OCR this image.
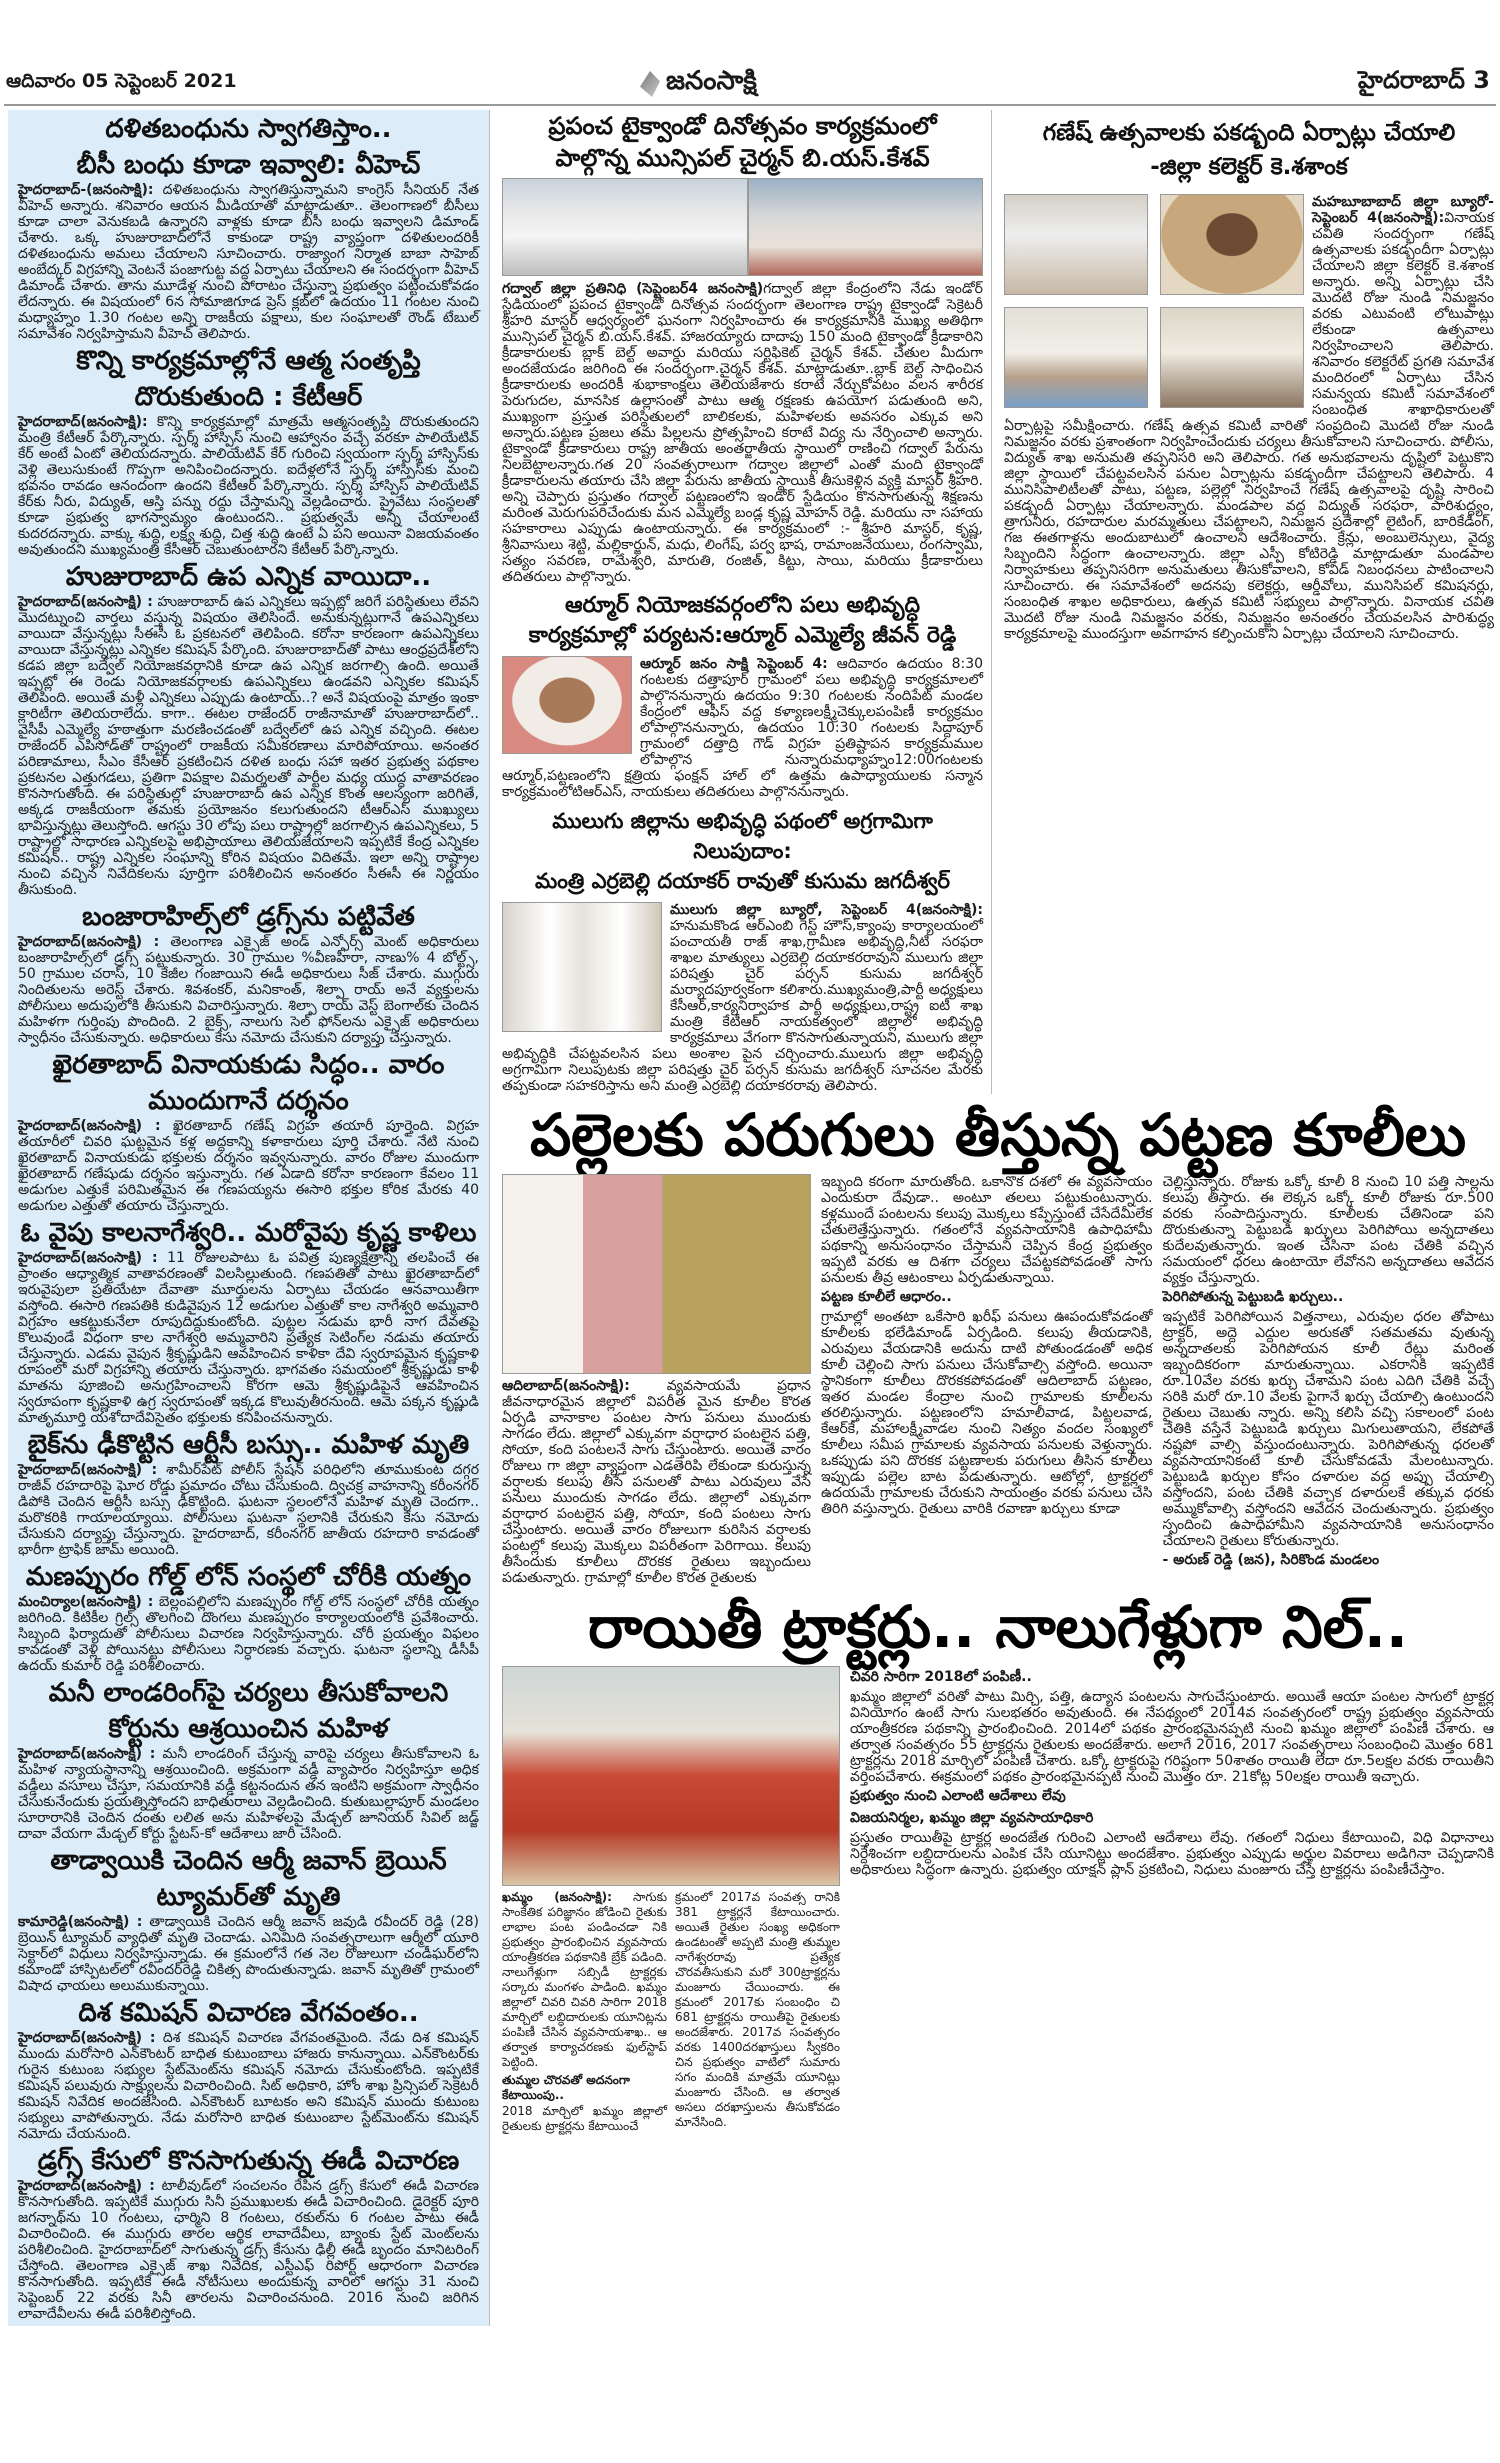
ఆదివారం 05 సెప్టెంబర్ 2021	జనంసాక్షి	హైదరాబాద్ 3

దళితబంధును స్వాగతిస్తాం..

బీసీ బంధు కూడా ఇవ్వాలి: వీహెచ్

హైదరాబాద్-(జనంసాక్షి): దళితబంధును స్వాగతిస్తున్నామని కాంగ్రెస్ సీనియర్ నేత వీహెచ్ అన్నారు. శనివారం ఆయన మీడియాతో మాట్లాడుతూ.. తెలంగాణలో బీసీలు కూడా చాలా వెనుకబడి ఉన్నారని వాళ్లకు కూడా బీసీ బంధు ఇవ్వాలని డిమాండ్ చేశారు. ఒక్క హుజురాబాద్‌లోనే కాకుండా రాష్ట్ర వ్యాప్తంగా దళితులందరికీ దళితబంధును అమలు చేయాలని సూచించారు. రాజ్యాంగ నిర్మాత బాబా సాహెబ్ అంబేద్కర్ విగ్రహాన్ని వెంటనే పంజాగుట్ట వద్ద ఏర్పాటు చేయాలని ఈ సందర్భంగా వీహెచ్ డిమాండ్ చేశారు. తాను మూడేళ్ల నుంచి పోరాటం చేస్తున్నా ప్రభుత్వం పట్టించుకోవడం లేదన్నారు. ఈ విషయంలో 6న సోమాజిగూడ ప్రెస్ క్లబ్‌లో ఉదయం 11 గంటల నుంచి మధ్యాహ్నం 1.30 గంటల అన్ని రాజకీయ పక్షాలు, కుల సంఘాలతో రౌండ్ టేబుల్ సమావేశం నిర్వహిస్తామని వీహెచ్ తెలిపారు.

కొన్ని కార్యక్రమాల్లోనే ఆత్మ సంతృప్తి

దొరుకుతుంది : కేటీఆర్

హైదరాబాద్(జనంసాక్షి): కొన్ని కార్యక్రమాల్లో మాత్రమే ఆత్మసంతృప్తి దొరుకుతుందని మంత్రి కేటీఆర్ పేర్కొన్నారు. స్పర్శ్ హాస్పిస్ నుంచి ఆహ్వానం వచ్చే వరకూ పాలియేటివ్ కేర్ అంటే ఏంటో తెలియదన్నారు. పాలియేటివ్ కేర్ గురించి స్వయంగా స్పర్శ్ హాస్పిస్‌కు వెళ్లి తెలుసుకుంటే గొప్పగా అనిపించిందన్నారు. ఐదేళ్లలోనే స్పర్శ్ హాస్పిస్‌కు మంచి భవనం రావడం ఆనందంగా ఉందని కేటీఆర్ పేర్కొన్నారు. స్పర్శ్ హాస్పిస్ పాలియేటివ్ కేర్‌కు నీరు, విద్యుత్, ఆస్తి పన్ను రద్దు చేస్తామన్ని వెల్లడించారు. ప్రైవేటు సంస్థలతో కూడా ప్రభుత్వ భాగస్వామ్యం ఉంటుందని.. ప్రభుత్వమే అన్నీ చేయాలంటే కుదరదన్నారు. వాక్కు శుద్ధి, లక్ష్య శుద్ధి, చిత్త శుద్ధి ఉంటే ఏ పని అయినా విజయవంతం అవుతుందని ముఖ్యమంత్రి కేసీఆర్ చెబుతుంటారని కేటీఆర్ పేర్కొన్నారు.

హుజురాబాద్ ఉప ఎన్నిక వాయిదా..

హైదరాబాద్(జనంసాక్షి) : హుజురాబాద్ ఉప ఎన్నికలు ఇప్పట్లో జరిగే పరిస్థితులు లేవని మొదట్నుంచి వార్తలు వస్తున్న విషయం తెలిసిందే. అనుకున్నట్లుగానే ఉపఎన్నికలు వాయిదా వేస్తున్నట్లు సీఈసీ ఓ ప్రకటనలో తెలిపింది. కరోనా కారణంగా ఉపఎన్నికలు వాయిదా వేస్తున్నట్లు ఎన్నికల కమిషన్ పేర్కొంది. హుజురాబాద్‌తో పాటు ఆంధ్రప్రదేశ్‌లోని కడప జిల్లా బద్వేల్ నియోజకవర్గానికి కూడా ఉప ఎన్నిక జరగాల్సి ఉంది. అయితే ఇప్పట్లో ఈ రెండు నియోజకవర్గాలకు ఉపఎన్నికలు ఉండవని ఎన్నికల కమిషన్ తెలిపింది. అయితే మళ్లీ ఎన్నికలు ఎప్పుడు ఉంటాయ్..? అనే విషయంపై మాత్రం ఇంకా క్లారిటీగా తెలియరాలేదు. కాగా.. ఈటల రాజేందర్ రాజీనామాతో హుజురాబాద్‌లో.. వైసీపీ ఎమ్మెల్యే హఠాత్తుగా మరణించడంతో బద్వేల్‌లో ఉప ఎన్నిక వచ్చింది. ఈటల రాజేందర్ ఎపిసోడ్‌తో రాష్ట్రంలో రాజకీయ సమీకరణాలు మారిపోయాయి. అనంతర పరిణామాలు, సీఎం కేసీఆర్ ప్రకటించిన దళిత బంధు సహా ఇతర ప్రభుత్వ పథకాల ప్రకటనల ఎత్తుగడలు, ప్రతిగా విపక్షాల విమర్శలతో పార్టీల మధ్య యుద్ధ వాతావరణం కొనసాగుతోంది. ఈ పరిస్థితుల్లో హుజురాబాద్ ఉప ఎన్నిక కొంత ఆలస్యంగా జరిగితే, అక్కడ రాజకీయంగా తమకు ప్రయోజనం కలుగుతుందని టీఆర్ఎస్ ముఖ్యులు భావిస్తున్నట్లు తెలుస్తోంది. ఆగస్టు 30 లోపు పలు రాష్ట్రాల్లో జరగాల్సిన ఉపఎన్నికలు, 5 రాష్ట్రాల్లో సాధారణ ఎన్నికలపై అభిప్రాయాలు తెలియజేయాలని ఇప్పటికే కేంద్ర ఎన్నికల కమిషన్.. రాష్ట్ర ఎన్నికల సంఘాన్ని కోరిన విషయం విదితమే. ఇలా అన్ని రాష్ట్రాల నుంచి వచ్చిన నివేదికలను పూర్తిగా పరిశీలించిన అనంతరం సీఈసీ ఈ నిర్ణయం తీసుకుంది.

బంజారాహిల్స్‌లో డ్రగ్స్‌ను పట్టివేత

హైదరాబాద్(జనంసాక్షి) : తెలంగాణ ఎక్సైజ్ అండ్ ఎన్ఫోర్స్ మెంట్ అధికారులు బంజారాహిల్స్‌లో డ్రగ్స్ పట్టుకున్నారు. 30 గ్రాముల %వీణహీరా, నాణు% 4 బోల్ట్స్, 50 గ్రాముల చరాస్, 10 కేజీల గంజాయిని ఈడీ అధికారులు సీజ్ చేశారు. ముగ్గురు నిందితులను అరెస్ట్ చేశారు. శివశంకర్, మనికాంత్, శిల్పా రాయ్ అనే వ్యక్తులను పోలీసులు అదుపులోకి తీసుకుని విచారిస్తున్నారు. శిల్పా రాయ్ వెస్ట్ బెంగాల్‌కు చెందిన మహిళగా గుర్తింపు పొందింది. 2 బైక్స్, నాలుగు సెల్ ఫోన్‌లను ఎక్సైజ్ అధికారులు స్వాధీనం చేసుకున్నారు. అధికారులు కేసు నమోదు చేసుకుని దర్యాప్తు చేస్తున్నారు.

ఖైరతాబాద్ వినాయకుడు సిద్ధం.. వారం

ముందుగానే దర్శనం

హైదరాబాద్(జనంసాక్షి) : ఖైరతాబాద్ గణేష్ విగ్రహ తయారీ పూర్తైంది. విగ్రహ తయారీలో చివరి ఘట్టమైన కళ్ల అద్దకాన్ని కళాకారులు పూర్తి చేశారు. నేటి నుంచి ఖైరతాబాద్ వినాయకుడు భక్తులకు దర్శనం ఇవ్వనున్నారు. వారం రోజుల ముందుగా ఖైరతాబాద్ గణేషుడు దర్శనం ఇస్తున్నారు. గత ఏడాది కరోనా కారణంగా కేవలం 11 అడుగుల ఎత్తుకే పరిమితమైన ఈ గణపయ్యను ఈసారి భక్తుల కోరిక మేరకు 40 అడుగుల ఎత్తుతో తయారు చేస్తున్నారు.

ఓ వైపు కాలనాగేశ్వరి.. మరోవైపు కృష్ణ కాళిలు

హైదరాబాద్(జనంసాక్షి) : 11 రోజులపాటు ఓ పవిత్ర పుణ్యక్షేత్రాన్ని తలపించే ఈ ప్రాంతం ఆధ్యాత్మిక వాతావరణంతో విలసిల్లుతుంది. గణపతితో పాటు ఖైరతాబాద్‌లో ఇరువైపులా ప్రతియేటా దేవాతా మూర్తులను ఏర్పాటు చేయడం ఆనవాయితీగా వస్తోంది. ఈసారి గణపతికి కుడివైపున 12 అడుగుల ఎత్తుతో కాల నాగేశ్వరి అమ్మవారి విగ్రహం ఆకట్టుకునేలా రూపుదిద్దుకుంటోంది. పుట్టల నడుమ భారీ నాగ దేవతపై కొలువుండే విధంగా కాల నాగేశ్వరి అమ్మవారిని ప్రత్యేక సెటింగ్‌ల నడుమ తయారు చేస్తున్నారు. ఎడమ వైపున శ్రీకృష్ణుడిని ఆవహించిన కాళికా దేవి స్వరూపమైన కృష్ణకాళి రూపంలో మరో విగ్రహాన్ని తయారు చేస్తున్నారు. భాగవతం సమయంలో శ్రీకృష్ణుడు కాళీ మాతను పూజించి అనుగ్రహించాలని కోరగా ఆమె శ్రీకృష్ణుడిపైనే ఆవహించిన స్వరూపంగా కృష్ణకాళి ఉగ్ర స్వరూపంతో ఇక్కడ కొలువుతీరనుంది. ఆమె పక్కన కృష్ణుడి మాతృమూర్తి యశోదాదేవిసైతం భక్తులకు కనిపించనున్నారు.

బైక్‌ను ఢీకొట్టిన ఆర్టీసీ బస్సు.. మహిళ మృతి

హైదరాబాద్(జనంసాక్షి) : శామీర్‌పేట్ పోలీస్ స్టేషన్ పరిధిలోని తూముకుంట దగ్గర రాజీవ్ రహదారిపై ఘోర రోడ్డు ప్రమాదం చోటు చేసుకుంది. ద్విచక్ర వాహనాన్ని కరీంనగర్ డిపోకి చెందిన ఆర్టీసీ బస్సు ఢీకొట్టింది. ఘటనా స్థలంలోనే మహిళ మృతి చెందగా.. మరొకరికి గాయాలయ్యాయి. పోలీసులు ఘటనా స్థలానికి చేరుకుని కేసు నమోదు చేసుకుని దర్యాప్తు చేస్తున్నారు. హైదరాబాద్, కరీంనగర్ జాతీయ రహదారి కావడంతో భారీగా ట్రాఫిక్ జామ్ అయింది.

మణప్పురం గోల్డ్ లోన్ సంస్థలో చోరీకి యత్నం

మంచిర్యాల(జనంసాక్షి) : బెల్లంపల్లిలోని మణప్పురం గోల్డ్ లోన్ సంస్థలో చోరీకి యత్నం జరిగింది. కిటికీల గ్రిల్స్ తొలగించి దొంగలు మణప్పురం కార్యాలయంలోకి ప్రవేశించారు. సిబ్బంది ఫిర్యాదుతో పోలీసులు విచారణ నిర్వహిస్తున్నారు. చోరీ ప్రయత్నం విఫలం కావడంతో వెళ్లి పోయినట్టు పోలీసులు నిర్ధారణకు వచ్చారు. ఘటనా స్థలాన్ని డీసీపీ ఉదయ్ కుమార్ రెడ్డి పరిశీలించారు.

మనీ లాండరింగ్‌పై చర్యలు తీసుకోవాలని

కోర్టును ఆశ్రయించిన మహిళ

హైదరాబాద్(జనంసాక్షి) : మనీ లాండరింగ్ చేస్తున్న వారిపై చర్యలు తీసుకోవాలని ఓ మహిళ న్యాయస్థానాన్ని ఆశ్రయించింది. అక్రమంగా వడ్డీ వ్యాపారం నిర్వహిస్తూ అధిక వడ్డీలు వసూలు చేస్తూ, సమయానికి వడ్డీ కట్టనందున తన ఇంటిని అక్రమంగా స్వాధీనం చేసుకునేందుకు ప్రయత్నిస్తోందని బాధితురాలు వెల్లడించింది. కుతుబుల్లాపూర్ మండలం సూరారానికి చెందిన దంతు లలిత అను మహిళలపై మేడ్చల్ జూనియర్ సివిల్ జడ్జ్ దావా వేయగా మేడ్చల్ కోర్టు స్టేటస్-కో ఆదేశాలు జారీ చేసింది.

తాడ్వాయికి చెందిన ఆర్మీ జవాన్ బ్రెయిన్

ట్యూమర్‌తో మృతి

కామారెడ్డి(జనంసాక్షి) : తాడ్వాయికి చెందిన ఆర్మీ జవాన్ జవుడి రవీందర్ రెడ్డి (28) బ్రెయిన్ ట్యూమర్ వ్యాధితో మృతి చెందాడు. ఎనిమిది సంవత్సరాలుగా ఆర్మీలో యూరి సెక్టార్‌లో విధులు నిర్వహిస్తున్నాడు. ఈ క్రమంలోనే గత నెల రోజులుగా చండీఘర్‌లోని కమాండో హాస్పిటల్‌లో రవీందర్‌రెడ్డి చికిత్స పొందుతున్నాడు. జవాన్ మృతితో గ్రామంలో విషాద ఛాయలు అలుముకున్నాయి.

దిశ కమిషన్ విచారణ వేగవంతం..

హైదరాబాద్(జనంసాక్షి) : దిశ కమిషన్ విచారణ వేగవంతమైంది. నేడు దిశ కమిషన్ ముందు మరోసారి ఎన్‌కౌంటర్ బాధిత కుటుంబాలు హాజరు కానున్నాయి. ఎన్‌కౌంటర్‌కు గురైన కుటుంబ సభ్యుల స్టేట్‌మెంట్‌ను కమిషన్ నమోదు చేసుకుంటోంది. ఇప్పటికే కమిషన్ పలువురు సాక్ష్యులను విచారించింది. సిట్ అధికారి, హోం శాఖ ప్రిన్సిపల్ సెక్రెటరీ కమిషన్ నివేదిక అందజేసింది. ఎన్‌కౌంటర్ బూటకం అని కమిషన్ ముందు కుటుంబ సభ్యులు వాపోతున్నారు. నేడు మరోసారి బాధిత కుటుంబాల స్టేట్‌మెంట్‌ను కమిషన్ నమోదు చేయనుంది.

డ్రగ్స్ కేసులో కొనసాగుతున్న ఈడీ విచారణ

హైదరాబాద్(జనంసాక్షి) : టాలీవుడ్‌లో సంచలనం రేపిన డ్రగ్స్ కేసులో ఈడీ విచారణ కొనసాగుతోంది. ఇప్పటికే ముగ్గురు సినీ ప్రముఖులకు ఈడీ విచారించింది. డైరెక్టర్ పూరి జగన్నాథ్‌ను 10 గంటలు, ఛార్మిని 8 గంటలు, రకుల్‌ను 6 గంటల పాటు ఈడీ విచారించింది. ఈ ముగ్గురు తారల ఆర్థిక లావాదేవీలు, బ్యాంకు స్టేట్ మెంట్‌లను పరిశీలించింది. హైదరాబాద్‌లో సాగుతున్న డ్రగ్స్ కేసును ఢిల్లీ ఈడీ బృందం మానిటరింగ్ చేస్తోంది. తెలంగాణ ఎక్సైజ్ శాఖ నివేదిక, ఎస్టీఎఫ్ రిపోర్ట్ ఆధారంగా విచారణ కొనసాగుతోంది. ఇప్పటికే ఈడీ నోటీసులు అందుకున్న వారిలో ఆగస్టు 31 నుంచి సెప్టెంబర్ 22 వరకు సినీ తారలను విచారించనుంది. 2016 నుంచి జరిగిన లావాదేవీలను ఈడీ పరిశీలిస్తోంది.

ప్రపంచ టైక్వాండో దినోత్సవం కార్యక్రమంలో

పాల్గొన్న మున్సిపల్ చైర్మన్ బి.యస్.కేశవ్

గద్వాల్ జిల్లా ప్రతినిధి (సెప్టెంబర్4 జనంసాక్షి)గద్వాల్ జిల్లా కేంద్రంలోని నేడు ఇండోర్ స్టేడియంలో ప్రపంచ టైక్వాండో దినోత్సవ సందర్భంగా తెలంగాణ రాష్ట్ర టైక్వాండో సెక్రెటరీ శ్రీహరి మాస్టర్ ఆధ్వర్యంలో ఘనంగా నిర్వహించారు ఈ కార్యక్రమానికి ముఖ్య అతిథిగా మున్సిపల్ చైర్మన్ బి.యస్.కేశవ్. హాజరయ్యారు దాదాపు 150 మంది టైక్వాండో క్రీడాకారిని క్రీడాకారులకు బ్లాక్ బెల్ట్ అవార్డు మరియు సర్టిఫికెట్ చైర్మన్ కేశవ్. చేతుల మీదుగా అందజేయడం జరిగింది ఈ సందర్భంగా.చైర్మన్ కేశవ్. మాట్లాడుతూ..బ్లాక్ బెల్ట్ సాధించిన క్రీడాకారులకు అందరికీ శుభాకాంక్షలు తెలియజేశారు కరాటే నేర్చుకోవటం వలన శారీరక పెరుగుదల, మానసిక ఉల్లాసంతో పాటు ఆత్మ రక్షణకు ఉపయోగ పడుతుంది అని, ముఖ్యంగా ప్రస్తుత పరిస్థితులలో బాలికలకు, మహిళలకు అవసరం ఎక్కువ అని అన్నారు.పట్టణ ప్రజలు తమ పిల్లలను ప్రోత్సహించి కరాటే విద్య ను నేర్పించాలి అన్నారు. టైక్వాండో క్రీడాకారులు రాష్ట్ర జాతీయ అంతర్జాతీయ స్థాయిలో రాణించి గద్వాల్ పేరును నిలబెట్టాలన్నారు.గత 20 సంవత్సరాలుగా గద్వాల జిల్లాలో ఎంతో మంది టైక్వాండో క్రీడాకారులను తయారు చేసి జిల్లా పేరును జాతీయ స్థాయికి తీసుకెళ్లిన వ్యక్తి మాస్టర్ శ్రీహరి. అన్ని చెప్పారు ప్రస్తుతం గద్వాల్ పట్టణంలోని ఇండోర్ స్టేడియం కొనసాగుతున్న శిక్షణను మరింత మెరుగుపరిచేందుకు మన ఎమ్మెల్యే బండ్ల కృష్ణ మోహన్ రెడ్డి. మరియు నా సహాయ సహకారాలు ఎప్పుడు ఉంటాయన్నారు. ఈ కార్యక్రమంలో :- శ్రీహరి మాస్టర్, కృష్ణ, శ్రీనివాసులు శెట్టి, మల్లికార్జున్, మధు, లింగేష్, పర్వ భాష, రామాంజనేయులు, రంగస్వామి, సత్యం సవరణ, రామేశ్వరి, మారుతి, రంజిత్, కిట్టు, సాయి, మరియు క్రీడాకారులు తదితరులు పాల్గొన్నారు.

ఆర్మూర్ నియోజకవర్గంలోని పలు అభివృద్ధి

కార్యక్రమాల్లో పర్యటన:ఆర్మూర్ ఎమ్మెల్యే జీవన్ రెడ్డి

ఆర్మూర్ జనం సాక్షి సెప్టెంబర్ 4: ఆదివారం ఉదయం 8:30 గంటలకు దత్తాపూర్ గ్రామంలో పలు అభివృద్ధి కార్యక్రమాలలో పాల్గొననున్నారు ఉదయం 9:30 గంటలకు నందిపేట్ మండల కేంద్రంలో ఆఫీస్ వద్ద కళ్యాణలక్ష్మీచెక్కులపంపిణీ కార్యక్రమం లోపాల్గొననున్నారు, ఉదయం 10:30 గంటలకు సిద్దాపూర్ గ్రామంలో దత్తాద్రి గౌడ్ విగ్రహ ప్రతిష్టాపన కార్యక్రమముల లోపాల్గొన నున్నారుమధ్యాహ్నం12:00గంటలకు ఆర్మూర్,పట్టణంలోని క్షత్రియ ఫంక్షన్ హాల్ లో ఉత్తమ ఉపాధ్యాయులకు సన్మాన కార్యక్రమంలోటిఆర్ఎస్, నాయకులు తదితరులు పాల్గొననున్నారు.

ములుగు జిల్లాను అభివృద్ధి పథంలో అగ్రగామిగా నిలుపుదాం:

మంత్రి ఎర్రబెల్లి దయాకర్ రావుతో కుసుమ జగదీశ్వర్

ములుగు జిల్లా బ్యూరో, సెప్టెంబర్ 4(జనంసాక్షి): హనుమకొండ ఆర్ఎంబి గెస్ట్ హౌస్,క్యాంపు కార్యాలయంలో పంచాయతీ రాజ్ శాఖ,గ్రామీణ అభివృద్ధి,నీటి సరఫరా శాఖల మాత్యులు ఎర్రబెల్లి దయాకరరావుని ములుగు జిల్లా పరిషత్తు చైర్ పర్సన్ కుసుమ జగదీశ్వర్ మర్యాదపూర్వకంగా కలిశారు.ముఖ్యమంత్రి,పార్టీ అధ్యక్షులు కేసీఆర్,కార్యనిర్వాహక పార్టీ అధ్యక్షులు,రాష్ట్ర ఐటీ శాఖ మంత్రి కేటీఆర్ నాయకత్వంలో జిల్లాలో అభివృద్ధి కార్యక్రమాలు వేగంగా కొనసాగుతున్నాయని, ములుగు జిల్లా అభివృద్ధికి చేపట్టవలసిన పలు అంశాల పైన చర్చించారు.ములుగు జిల్లా అభివృద్ధి అగ్రగామిగా నిలుపుటకు జిల్లా పరిషత్తు చైర్ పర్సన్ కుసుమ జగదీశ్వర్ సూచనల మేరకు తప్పకుండా సహకరిస్తాను అని మంత్రి ఎర్రబెల్లి దయాకరరావు తెలిపారు.

గణేష్ ఉత్సవాలకు పకడ్బంది ఏర్పాట్లు చేయాలి

-జిల్లా కలెక్టర్ కె.శశాంక

మహబూబాబాద్ జిల్లా బ్యూరో-సెప్టెంబర్ 4(జనంసాక్షి):వినాయక చవితి సందర్భంగా గణేష్ ఉత్సవాలకు పకడ్బందీగా ఏర్పాట్లు చేయాలని జిల్లా కలెక్టర్ కె.శశాంక అన్నారు. అన్ని ఏర్పాట్లు చేసి మొదటి రోజు నుండి నిమజ్జనం వరకు ఎటువంటి లోటుపాట్లు లేకుండా ఉత్సవాలు నిర్వహించాలని తెలిపారు. శనివారం కలెక్టరేట్ ప్రగతి సమావేశ మందిరంలో ఏర్పాటు చేసిన సమన్వయ కమిటీ సమావేశంలో సంబంధిత శాఖాధికారులతో ఏర్పాట్లపై సమీక్షించారు. గణేష్ ఉత్సవ కమిటీ వారితో సంప్రదించి మొదటి రోజు నుండి నిమజ్జనం వరకు ప్రశాంతంగా నిర్వహించేందుకు చర్యలు తీసుకోవాలని సూచించారు. పోలీసు, విద్యుత్ శాఖ అనుమతి తప్పనిసరి అని తెలిపారు. గత అనుభవాలను దృష్టిలో పెట్టుకొని జిల్లా స్థాయిలో చేపట్టవలసిన పనుల ఏర్పాట్లను పకడ్బందీగా చేపట్టాలని తెలిపారు. 4 మునిసిపాలిటీలతో పాటు, పట్టణ, పల్లెల్లో నిర్వహించే గణేష్ ఉత్సవాలపై దృష్టి సారించి పకడ్బందీ ఏర్పాట్లు చేయాలన్నారు. మండపాల వద్ద విద్యుత్ సరఫరా, పారిశుద్ధ్యం, త్రాగునీరు, రహదారుల మరమ్మతులు చేపట్టాలని, నిమజ్జన ప్రదేశాల్లో లైటింగ్, బారికేడింగ్, గజ ఈతగాళ్లను అందుబాటులో ఉంచాలని ఆదేశించారు. క్రేన్లు, అంబులెన్సులు, వైద్య సిబ్బందిని సిద్ధంగా ఉంచాలన్నారు. జిల్లా ఎస్పీ కోటిరెడ్డి మాట్లాడుతూ మండపాల నిర్వాహకులు తప్పనిసరిగా అనుమతులు తీసుకోవాలని, కోవిడ్ నిబంధనలు పాటించాలని సూచించారు. ఈ సమావేశంలో అదనపు కలెక్టర్లు, ఆర్డీవోలు, మునిసిపల్ కమిషనర్లు, సంబంధిత శాఖల అధికారులు, ఉత్సవ కమిటీ సభ్యులు పాల్గొన్నారు. వినాయక చవితి మొదటి రోజు నుండి నిమజ్జనం వరకు, నిమజ్జనం అనంతరం చేయవలసిన పారిశుద్ధ్య కార్యక్రమాలపై ముందస్తుగా అవగాహన కల్పించుకొని ఏర్పాట్లు చేయాలని సూచించారు.

పల్లెలకు పరుగులు తీస్తున్న పట్టణ కూలీలు

ఆదిలాబాద్(జనంసాక్షి):	వ్యవసాయమే ప్రధాన జీవనాధారమైన జిల్లాలో విపరీత మైన కూలీల కొరత ఏర్పడి వానాకాల పంటల సాగు పనులు ముందుకు సాగడం లేదు. జిల్లాలో ఎక్కువగా వర్షాధార పంటలైన పత్తి, సోయా, కంది పంటలనే సాగు చేస్తుంటారు. అయితే వారం రోజులు గా జిల్లా వ్యాప్తంగా ఎడతెరిపి లేకుండా కురుస్తున్న వర్షాలకు కలుపు తీసే పనులతో పాటు ఎరువులు వేసే పనులు ముందుకు సాగడం లేదు. జిల్లాలో ఎక్కువగా వర్షాధార పంటలైన పత్తి, సోయా, కంది పంటలు సాగు చేస్తుంటారు. అయితే వారం రోజులుగా కురిసిన వర్షాలకు పంటల్లో కలుపు మొక్కలు విపరీతంగా పెరిగాయి. కలుపు తీసేందుకు కూలీలు దొరకక రైతులు ఇబ్బందులు పడుతున్నారు. గ్రామాల్లో కూలీల కొరత రైతులకు

ఇబ్బంది కరంగా మారుతోంది. ఒకానొక దశలో ఈ వ్యవసాయం ఎందుకురా దేవుడా.. అంటూ తలలు పట్టుకుంటున్నారు. కళ్లముందే పంటలను కలుపు మొక్కలు కప్పేస్తుంటే చేసేదేమీలేక చేతులెత్తేస్తున్నారు. గతంలోనే వ్యవసాయానికి ఉపాధిహామీ పథకాన్ని అనుసంధానం చేస్తామని చెప్పిన కేంద్ర ప్రభుత్వం ఇప్పటి వరకు ఆ దిశగా చర్యలు చేపట్టకపోవడంతో సాగు పనులకు తీవ్ర ఆటంకాలు ఏర్పడుతున్నాయి.

పట్టణ కూలీలే ఆధారం..

గ్రామాల్లో అంతటా ఒకేసారి ఖరీఫ్ పనులు ఊపందుకోవడంతో కూలీలకు భలేడిమాండ్ ఏర్పడింది. కలుపు తీయడానికి, ఎరువులు వేయడానికి అదును దాటి పోతుండడంతో అధిక కూలీ చెల్లించి సాగు పనులు చేసుకోవాల్సి వస్తోంది. అయినా స్థానికంగా కూలీలు దొరకకపోవడంతో ఆదిలాబాద్ పట్టణం, ఇతర మండల కేంద్రాల నుంచి గ్రామాలకు కూలీలను తరలిస్తున్నారు. పట్టణంలోని హమాలీవాడ, పిట్టలవాడ, కేఆర్‌కే, మహాలక్ష్మీవాడల నుంచి నిత్యం వందల సంఖ్యలో కూలీలు సమీప గ్రామాలకు వ్యవసాయ పనులకు వెళ్తున్నారు. ఒకప్పుడు పని దొరకక పట్టణాలకు పరుగులు తీసిన కూలీలు ఇప్పుడు పల్లెల బాట పడుతున్నారు. ఆటోల్లో, ట్రాక్టర్లలో ఉదయమే గ్రామాలకు చేరుకుని సాయంత్రం వరకు పనులు చేసి తిరిగి వస్తున్నారు. రైతులు వారికి రవాణా ఖర్చులు కూడా

చెల్లిస్తున్నారు. రోజుకు ఒక్కో కూలీ 8 నుంచి 10 పత్తి సాల్లను కలుపు తీస్తారు. ఈ లెక్కన ఒక్కో కూలీ రోజుకు రూ.500 వరకు సంపాదిస్తున్నారు. కూలీలకు చేతినిండా పని దొరుకుతున్నా పెట్టుబడి ఖర్చులు పెరిగిపోయి అన్నదాతలు కుదేలవుతున్నారు. ఇంత చేసినా పంట చేతికి వచ్చిన సమయంలో ధరలు ఉంటాయో లేవోనని అన్నదాతలు ఆవేదన వ్యక్తం చేస్తున్నారు.

పెరిగిపోతున్న పెట్టుబడి ఖర్చులు..

ఇప్పటికే పెరిగిపోయిన విత్తనాలు, ఎరువుల ధరల తోపాటు ట్రాక్టర్, అద్దె ఎద్దుల అరుకతో సతమతమ వుతున్న అన్నదాతలకు పెరిగిపోయన కూలీ రేట్లు మరింత ఇబ్బందికరంగా మారుతున్నాయి. ఎకరానికి ఇప్పటికే రూ.10వేల వరకు ఖర్చు చేశామని పంట ఎదిగి చేతికి వచ్చే సరికి మరో రూ.10 వేలకు పైగానే ఖర్చు చేయాల్సి ఉంటుందని రైతులు చెబుతు న్నారు. అన్ని కలిసి వచ్చి సకాలంలో పంట చేతికి వస్తేనే పెట్టుబడి ఖర్చులు మిగులుతాయని, లేకపోతే నష్టపో వాల్సి వస్తుందంటున్నారు. పెరిగిపోతున్న ధరలతో వ్యవసాయానికంటే కూలీ చేసుకోవడమే మేలంటున్నారు. పెట్టుబడి ఖర్చుల కోసం దళారుల వద్ద అప్పు చేయాల్సి వస్తోందని, పంట చేతికి వచ్చాక దళారులకే తక్కువ ధరకు అమ్ముకోవాల్సి వస్తోందని ఆవేదన చెందుతున్నారు. ప్రభుత్వం స్పందించి ఉపాధిహామీని వ్యవసాయానికి అనుసంధానం చేయాలని రైతులు కోరుతున్నారు.

- అరుణ్ రెడ్డి (జన), సిరికొండ మండలం

రాయితీ ట్రాక్టర్లు.. నాలుగేళ్లుగా నిల్..

ఖమ్మం (జనంసాక్షి): సాగుకు సాంకేతిక పరిజ్ఞానం జోడించి రైతుకు లాభాల పంట పండించడా నికి ప్రభుత్వం ప్రారంభించిన వ్యవసాయ యాంత్రీకరణ పథకానికి బ్రేక్ పడింది. నాలుగేళ్లుగా సబ్సిడీ ట్రాక్టర్లకు సర్కారు మంగళం పాడింది. ఖమ్మం జిల్లాలో చివరి చివరి సారిగా 2018 మార్చిలో లబ్ధిదారులకు యూనిట్లను పంపిణీ చేసిన వ్యవసాయశాఖ.. ఆ తర్వాత కార్యాచరణకు ఫుల్‌స్టాప్ పెట్టింది.

తుమ్మల చొరవతో అదనంగా కేటాయింపు..

2018 మార్చిలో ఖమ్మం జిల్లాలో రైతులకు ట్రాక్టర్లను కేటాయించే

క్రమంలో 2017వ సంవత్స రానికి 381 ట్రాక్టర్లనే కేటాయించారు. అయితే రైతుల సంఖ్య అధికంగా ఉండటంతో అప్పటి మంత్రి తుమ్మల నాగేశ్వరరావు ప్రత్యేక చొరవతీసుకుని మరో 300ట్రాక్టర్లను మంజూరు చేయించారు. ఈ క్రమంలో 2017కు సంబంధిం చి 681 ట్రాక్టర్లను రాయితీపై రైతులకు అందజేశారు. 2017వ సంవత్సరం వరకు 1400దరఖాస్తులు స్వీకరిం చిన ప్రభుత్వం వాటిలో సుమారు సగం మందికి మాత్రమే యూనిట్లు మంజూరు చేసింది. ఆ తర్వాత అసలు దరఖాస్తులను తీసుకోవడం మానేసింది.

చివరి సారిగా 2018లో పంపిణీ..

ఖమ్మం జిల్లాలో వరితో పాటు మిర్చి, పత్తి, ఉద్యాన పంటలను సాగుచేస్తుంటారు. అయితే ఆయా పంటల సాగులో ట్రాక్టర్ల వినియోగం ఉంటే సాగు సులభతరం అవుతుంది. ఈ నేపథ్యంలో 2014వ సంవత్సరంలో రాష్ట్ర ప్రభుత్వం వ్యవసాయ యాంత్రీకరణ పథకాన్ని ప్రారంభించింది. 2014లో పథకం ప్రారంభమైనప్పటి నుంచి ఖమ్మం జిల్లాలో పంపిణీ చేశారు. ఆ తర్వాత సంవత్సరం 55 ట్రాక్టర్లను రైతులకు అందజేశారు. అలాగే 2016, 2017 సంవత్సరాలు సంబంధించి మొత్తం 681 ట్రాక్టర్లను 2018 మార్చిలో పంపిణీ చేశారు. ఒక్కో ట్రాక్టరుపై గరిష్టంగా 50శాతం రాయితీ లేదా రూ.5లక్షల వరకు రాయితీని వర్తింపచేశారు. ఈక్రమంలో పథకం ప్రారంభమైనప్పటి నుంచి మొత్తం రూ. 21కోట్ల 50లక్షల రాయితీ ఇచ్చారు.

ప్రభుత్వం నుంచి ఎలాంటి ఆదేశాలు లేవు

విజయనిర్మల, ఖమ్మం జిల్లా వ్యవసాయాధికారి

ప్రస్తుతం రాయితీపై ట్రాక్టర్ల అందజేత గురించి ఎలాంటి ఆదేశాలు లేవు. గతంలో నిధులు కేటాయించి, విధి విధానాలు నిర్దేశించగా లబ్ధిదారులను ఎంపిక చేసి యూనిట్లు అందజేశాం. ప్రభుత్వం ఎప్పుడు అర్హుల వివరాలు అడిగినా చెప్పడానికి అధికారులు సిద్ధంగా ఉన్నారు. ప్రభుత్వం యాక్షన్ ప్లాన్ ప్రకటించి, నిధులు మంజూరు చేస్తే ట్రాక్టర్లను పంపిణీచేస్తాం.
